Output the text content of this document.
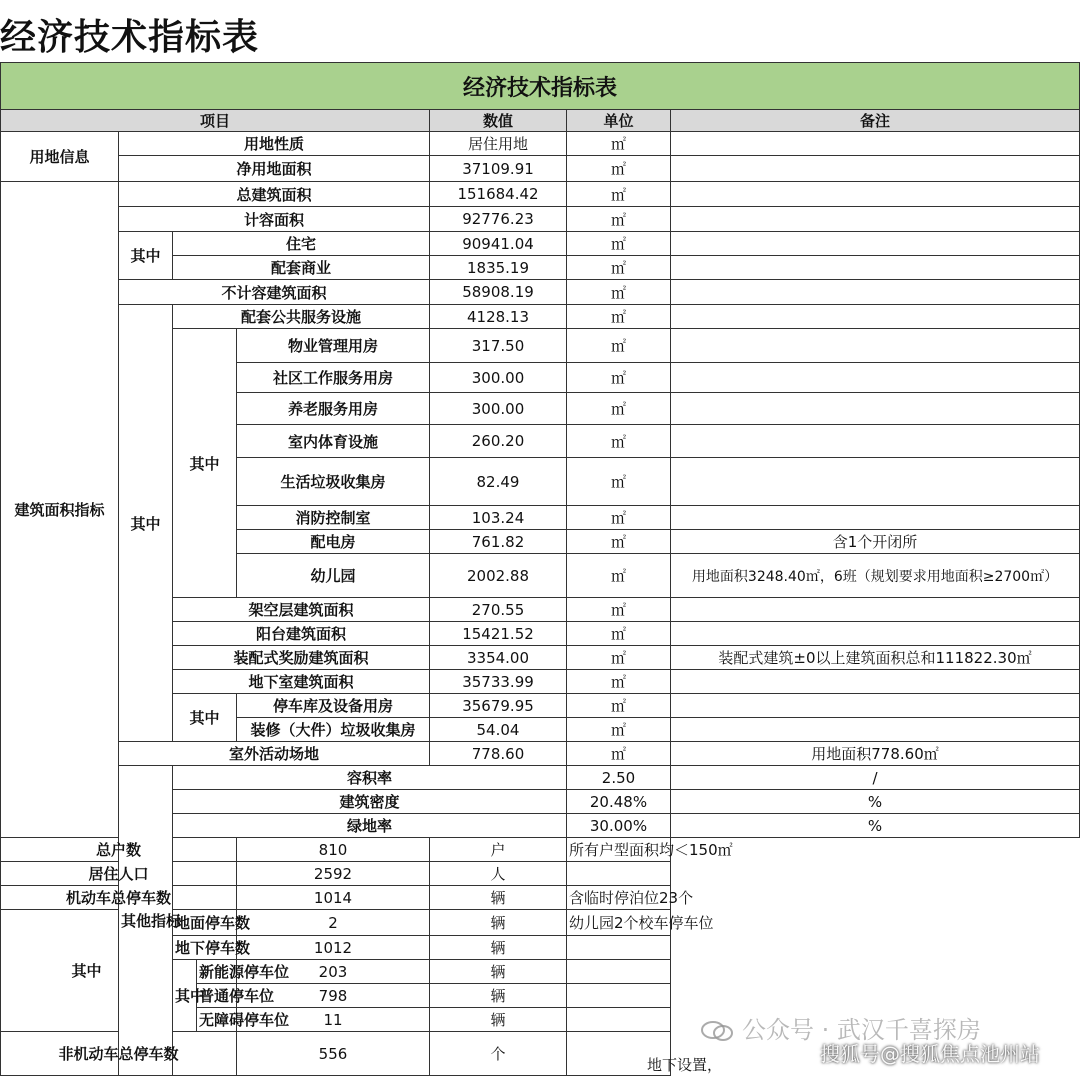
经济技术指标表
经济技术指标表								
项目					数值	单位	备注	
用地信息	用地性质				居住用地	㎡		
	净用地面积				37109.91	㎡		
建筑面积指标	总建筑面积				151684.42	㎡		
	计容面积				92776.23	㎡		
	其中	住宅			90941.04	㎡		
		配套商业			1835.19	㎡		
	不计容建筑面积				58908.19	㎡		
	其中	配套公共服务设施			4128.13	㎡		
		其中		物业管理用房	317.50	㎡		
				社区工作服务用房	300.00	㎡		
				养老服务用房	300.00	㎡		
				室内体育设施	260.20	㎡		
				生活垃圾收集房	82.49	㎡		
				消防控制室	103.24	㎡		
				配电房	761.82	㎡	含1个开闭所	
				幼儿园	2002.88	㎡	用地面积3248.40㎡，6班（规划要求用地面积≥2700㎡）	
		架空层建筑面积			270.55	㎡		
		阳台建筑面积			15421.52	㎡		
		装配式奖励建筑面积			3354.00	㎡	装配式建筑±0以上建筑面积总和111822.30㎡	
		地下室建筑面积			35733.99	㎡		
		其中		停车库及设备用房	35679.95	㎡		
				装修（大件）垃圾收集房	54.04	㎡		
	室外活动场地				778.60	㎡	用地面积778.60㎡	
	其他指标	容积率				2.50	/	
		建筑密度				20.48%	%	
		绿地率				30.00%	%	
总户数				810	户	所有户型面积均＜150㎡		
居住人口				2592	人			
机动车总停车数				1014	辆	含临时停泊位23个		
其中		地面停车数		2	辆	幼儿园2个校车停车位		
		地下停车数		1012	辆			
		其中	新能源停车位	203	辆			
			普通停车位	798	辆			
			无障碍停车位	11	辆			
非机动车总停车数				556	个	地下设置，		
公众号 · 武汉千喜探房
搜狐号@搜狐焦点池州站
